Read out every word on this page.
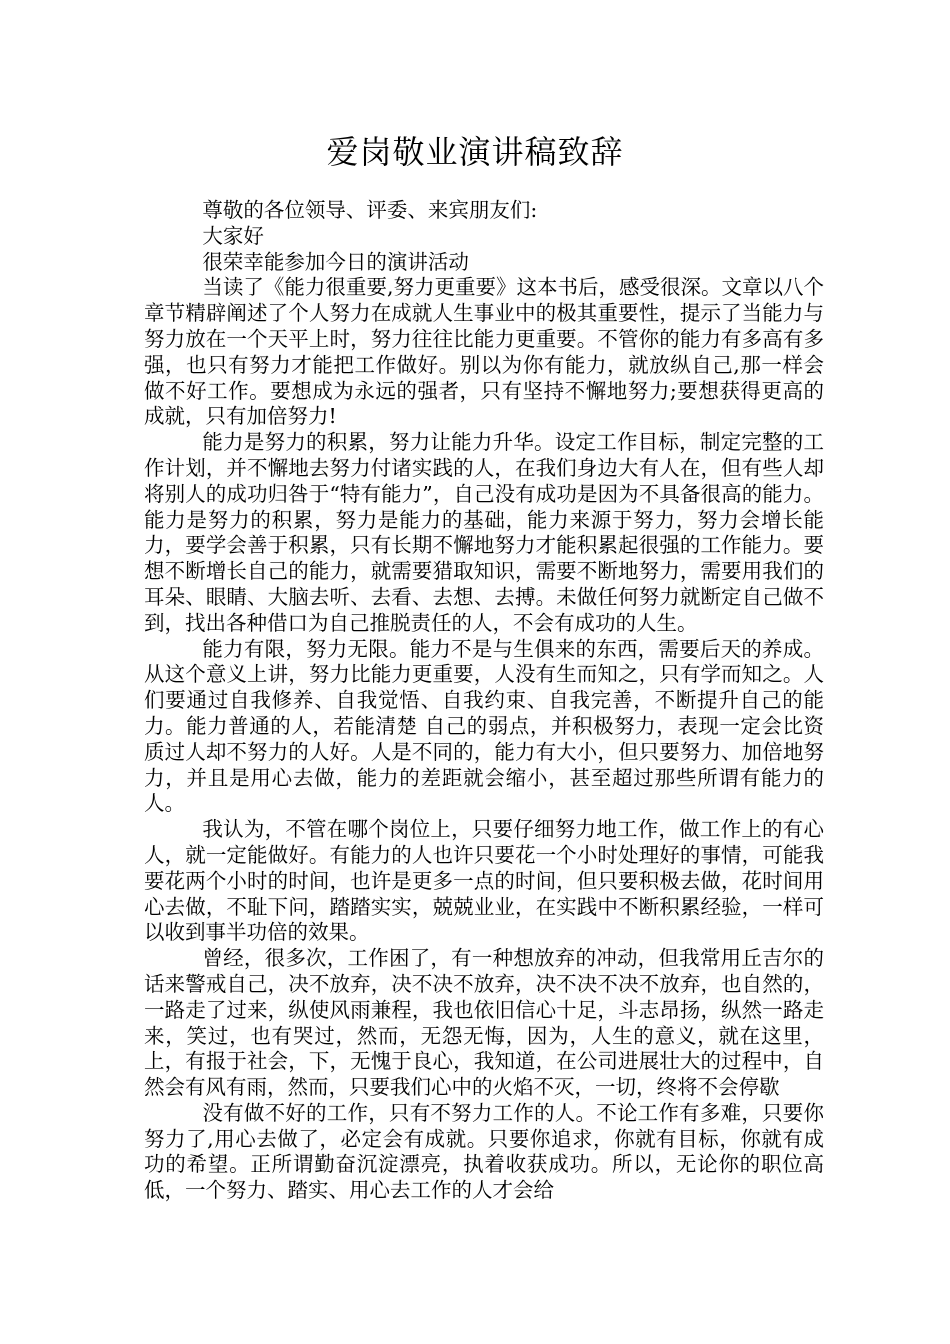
爱岗敬业演讲稿致辞

尊敬的各位领导、评委、来宾朋友们:

大家好

很荣幸能参加今日的演讲活动

当读了《能力很重要,努力更重要》这本书后，感受很深。文章以八个章节精辟阐述了个人努力在成就人生事业中的极其重要性，提示了当能力与努力放在一个天平上时，努力往往比能力更重要。不管你的能力有多高有多强，也只有努力才能把工作做好。别以为你有能力，就放纵自己,那一样会做不好工作。要想成为永远的强者，只有坚持不懈地努力;要想获得更高的成就，只有加倍努力!

能力是努力的积累，努力让能力升华。设定工作目标，制定完整的工作计划，并不懈地去努力付诸实践的人，在我们身边大有人在，但有些人却将别人的成功归咎于“特有能力”，自己没有成功是因为不具备很高的能力。能力是努力的积累，努力是能力的基础，能力来源于努力，努力会增长能力，要学会善于积累，只有长期不懈地努力才能积累起很强的工作能力。要想不断增长自己的能力，就需要猎取知识，需要不断地努力，需要用我们的耳朵、眼睛、大脑去听、去看、去想、去搏。未做任何努力就断定自己做不到，找出各种借口为自己推脱责任的人，不会有成功的人生。

能力有限，努力无限。能力不是与生俱来的东西，需要后天的养成。从这个意义上讲，努力比能力更重要，人没有生而知之，只有学而知之。人们要通过自我修养、自我觉悟、自我约束、自我完善，不断提升自己的能力。能力普通的人，若能清楚 自己的弱点，并积极努力，表现一定会比资质过人却不努力的人好。人是不同的，能力有大小，但只要努力、加倍地努力，并且是用心去做，能力的差距就会缩小，甚至超过那些所谓有能力的人。

我认为，不管在哪个岗位上，只要仔细努力地工作，做工作上的有心人，就一定能做好。有能力的人也许只要花一个小时处理好的事情，可能我要花两个小时的时间，也许是更多一点的时间，但只要积极去做，花时间用心去做，不耻下问，踏踏实实，兢兢业业，在实践中不断积累经验，一样可以收到事半功倍的效果。

曾经，很多次，工作困了，有一种想放弃的冲动，但我常用丘吉尔的话来警戒自己，决不放弃，决不决不放弃，决不决不决不放弃，也自然的，一路走了过来，纵使风雨兼程，我也依旧信心十足，斗志昂扬，纵然一路走来，笑过，也有哭过，然而，无怨无悔，因为，人生的意义，就在这里，上，有报于社会，下，无愧于良心，我知道，在公司进展壮大的过程中，自然会有风有雨，然而，只要我们心中的火焰不灭，一切，终将不会停歇

没有做不好的工作，只有不努力工作的人。不论工作有多难，只要你努力了,用心去做了，必定会有成就。只要你追求，你就有目标，你就有成功的希望。正所谓勤奋沉淀漂亮，执着收获成功。所以，无论你的职位高低，一个努力、踏实、用心去工作的人才会给
